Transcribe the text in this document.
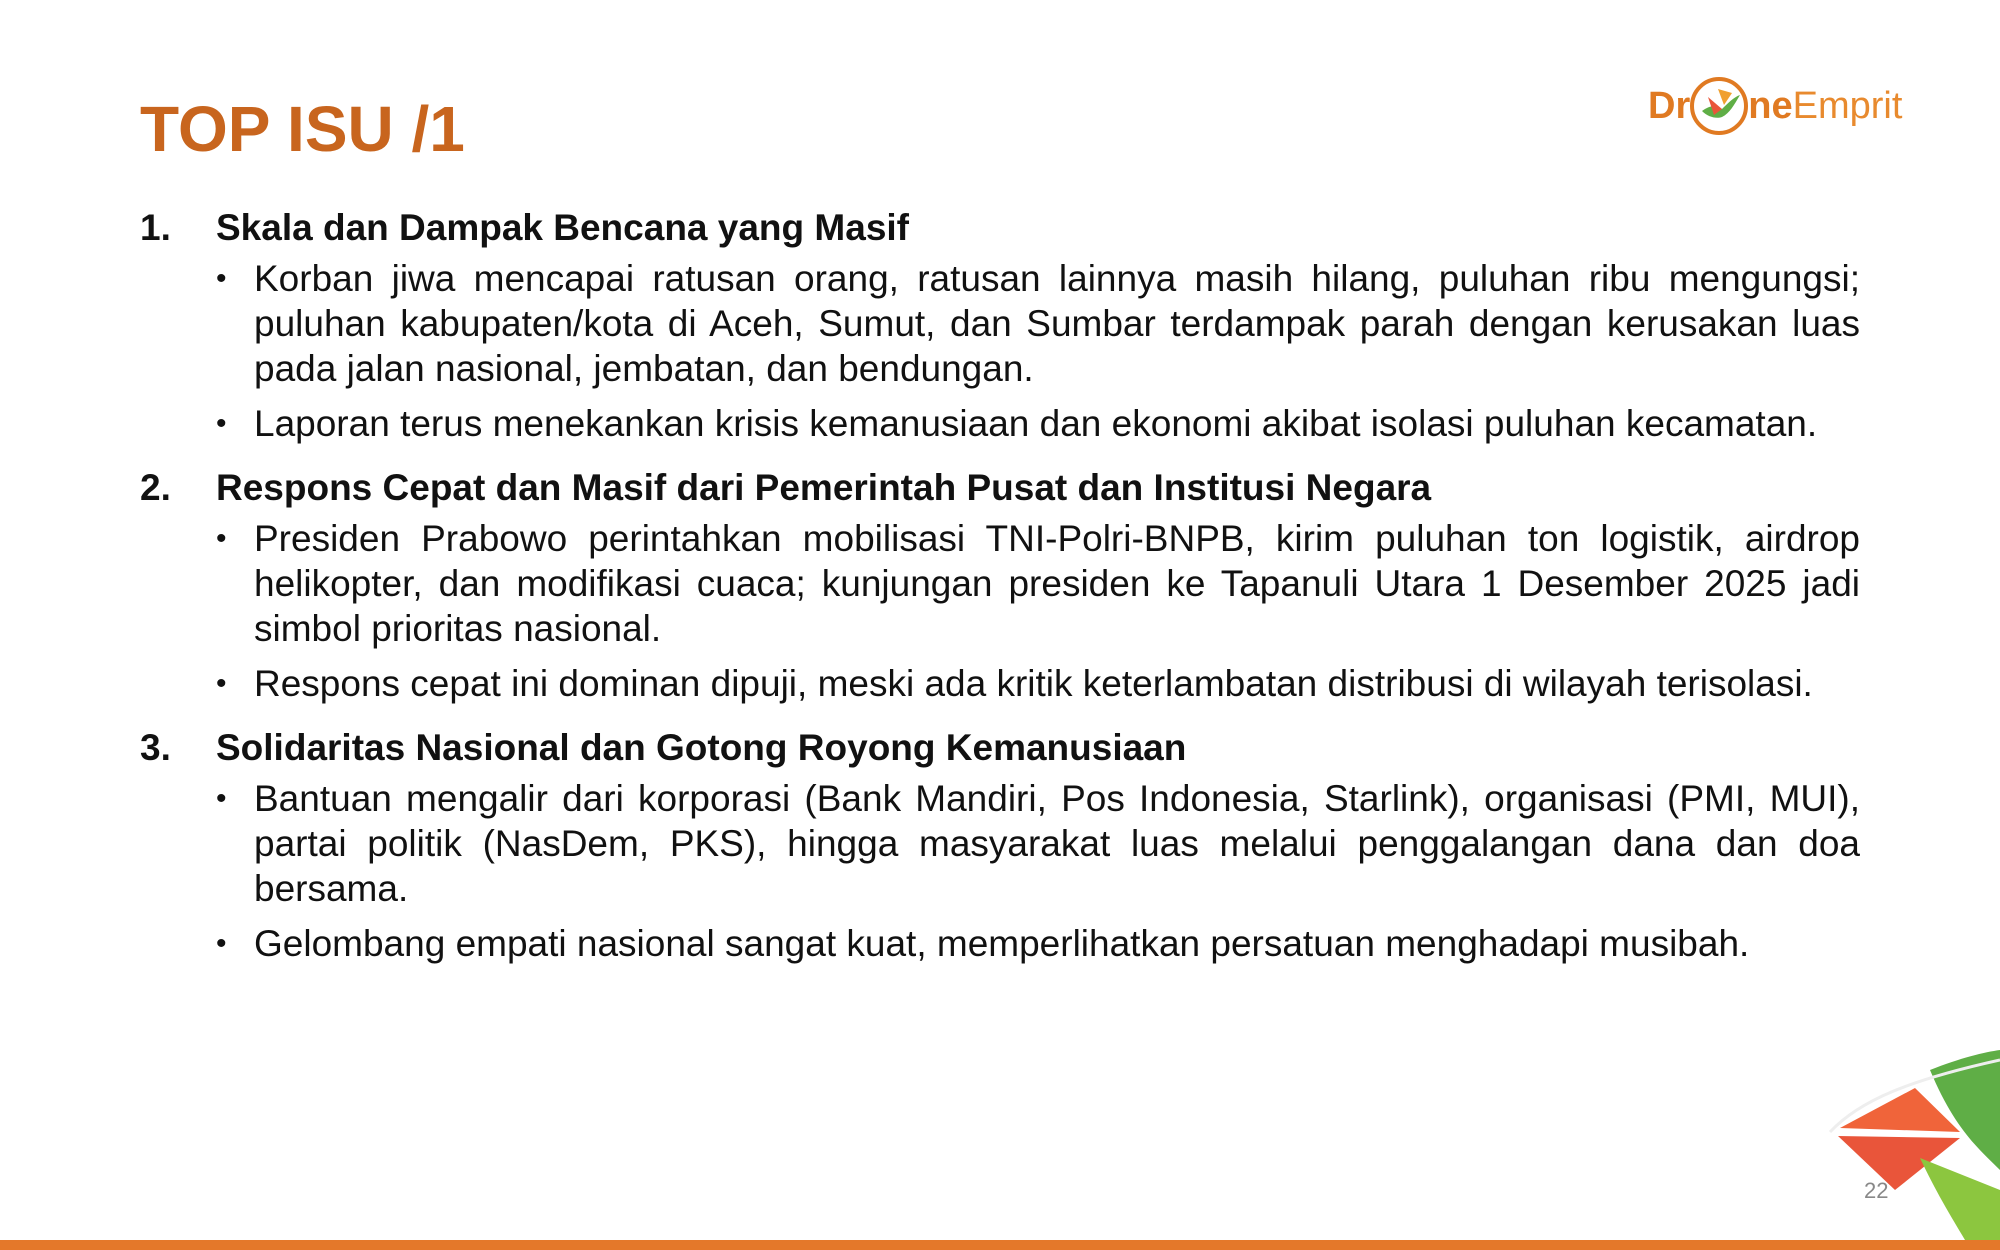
TOP ISU /1	Dr ne Emprit
1.	Skala dan Dampak Bencana yang Masif
• Korban jiwa mencapai ratusan orang, ratusan lainnya masih hilang, puluhan ribu mengungsi; puluhan kabupaten/kota di Aceh, Sumut, dan Sumbar terdampak parah dengan kerusakan luas pada jalan nasional, jembatan, dan bendungan.
• Laporan terus menekankan krisis kemanusiaan dan ekonomi akibat isolasi puluhan kecamatan.
2.	Respons Cepat dan Masif dari Pemerintah Pusat dan Institusi Negara
• Presiden Prabowo perintahkan mobilisasi TNI-Polri-BNPB, kirim puluhan ton logistik, airdrop helikopter, dan modifikasi cuaca; kunjungan presiden ke Tapanuli Utara 1 Desember 2025 jadi simbol prioritas nasional.
• Respons cepat ini dominan dipuji, meski ada kritik keterlambatan distribusi di wilayah terisolasi.
3.	Solidaritas Nasional dan Gotong Royong Kemanusiaan
• Bantuan mengalir dari korporasi (Bank Mandiri, Pos Indonesia, Starlink), organisasi (PMI, MUI), partai politik (NasDem, PKS), hingga masyarakat luas melalui penggalangan dana dan doa bersama.
• Gelombang empati nasional sangat kuat, memperlihatkan persatuan menghadapi musibah.
22
